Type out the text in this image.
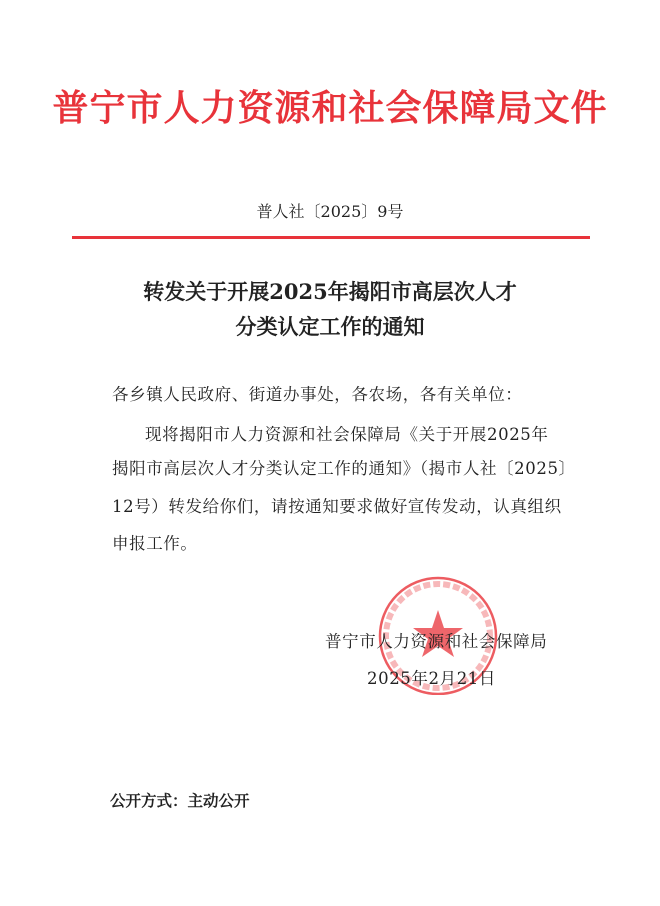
普宁市人力资源和社会保障局文件
普人社〔2025〕9号
转发关于开展2025年揭阳市高层次人才
分类认定工作的通知
各乡镇人民政府、街道办事处，各农场，各有关单位：
现将揭阳市人力资源和社会保障局《关于开展2025年
揭阳市高层次人才分类认定工作的通知》（揭市人社〔2025〕
12号）转发给你们，请按通知要求做好宣传发动，认真组织
申报工作。
普宁市人力资源和社会保障局
2025年2月21日
公开方式：主动公开
